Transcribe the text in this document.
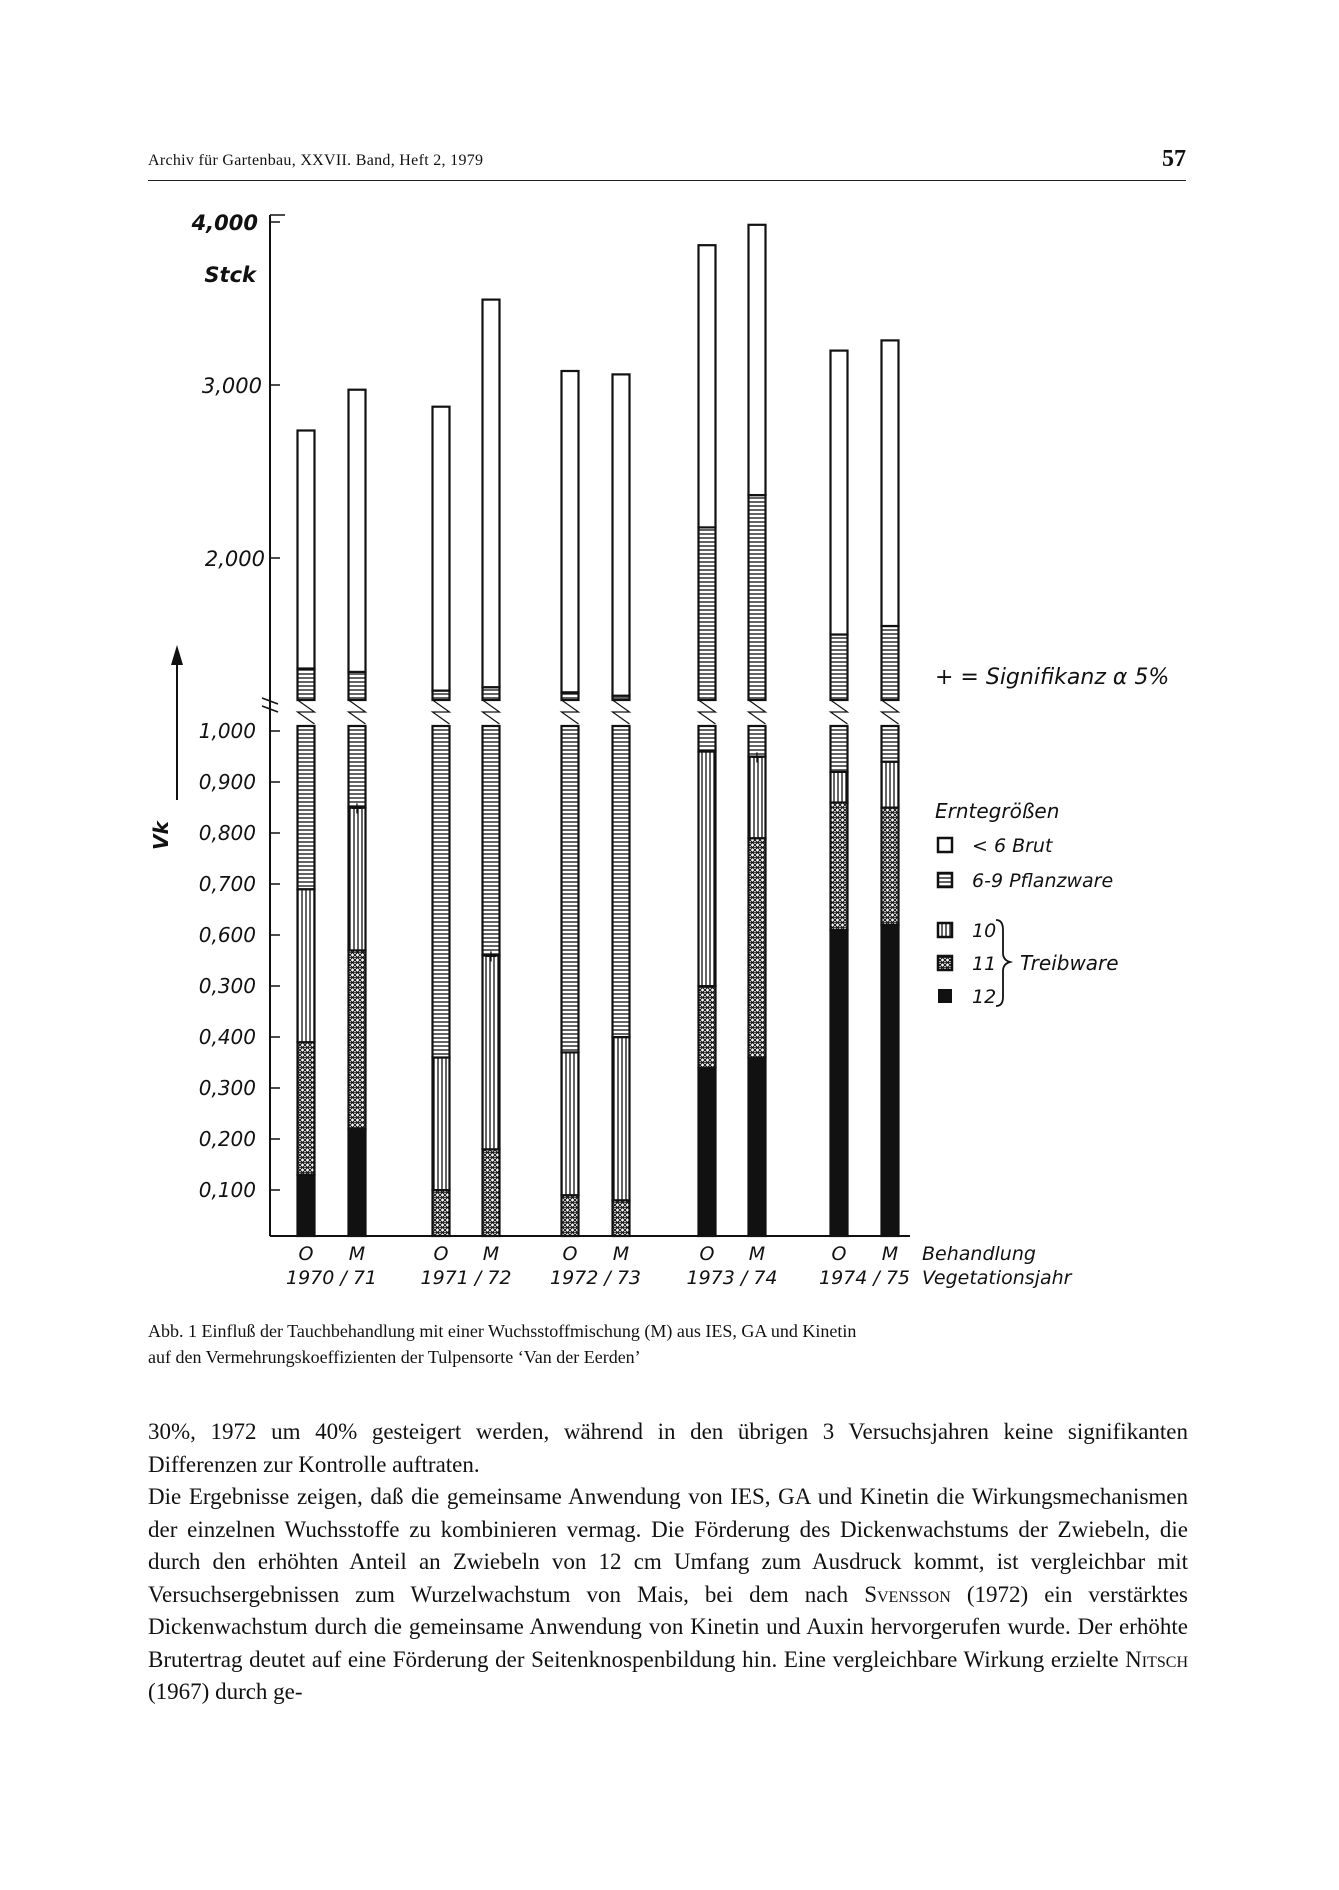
Archiv für Gartenbau, XXVII. Band, Heft 2, 1979	57
4,000
3,000
2,000
Stck
1,000
0,900
0,800
0,700
0,600
0,300
0,400
0,300
0,200
0,100
Vk
+
+
+
O M	O M	O M	O M	O M
1970 / 71 1971 / 72 1972 / 73 1973 / 74 1974 / 75
Behandlung
Vegetationsjahr
+ = Signifikanz α 5%
Erntegrößen
< 6 Brut
6-9 Pflanzware
10
11
12
Treibware
Abb. 1 Einfluß der Tauchbehandlung mit einer Wuchsstoffmischung (M) aus IES, GA und Kinetin
auf den Vermehrungskoeffizienten der Tulpensorte ‘Van der Eerden’

30%, 1972 um 40% gesteigert werden, während in den übrigen 3 Versuchsjahren keine signifikanten Differenzen zur Kontrolle auftraten.

Die Ergebnisse zeigen, daß die gemeinsame Anwendung von IES, GA und Kinetin die Wirkungsmechanismen der einzelnen Wuchsstoffe zu kombinieren vermag. Die Förderung des Dickenwachstums der Zwiebeln, die durch den erhöhten Anteil an Zwiebeln von 12 cm Umfang zum Ausdruck kommt, ist vergleichbar mit Versuchsergebnissen zum Wurzelwachstum von Mais, bei dem nach Svensson (1972) ein verstärktes Dickenwachstum durch die gemeinsame Anwendung von Kinetin und Auxin hervorgerufen wurde. Der erhöhte Brutertrag deutet auf eine Förderung der Seitenknospenbildung hin. Eine vergleichbare Wirkung erzielte Nitsch (1967) durch ge-
